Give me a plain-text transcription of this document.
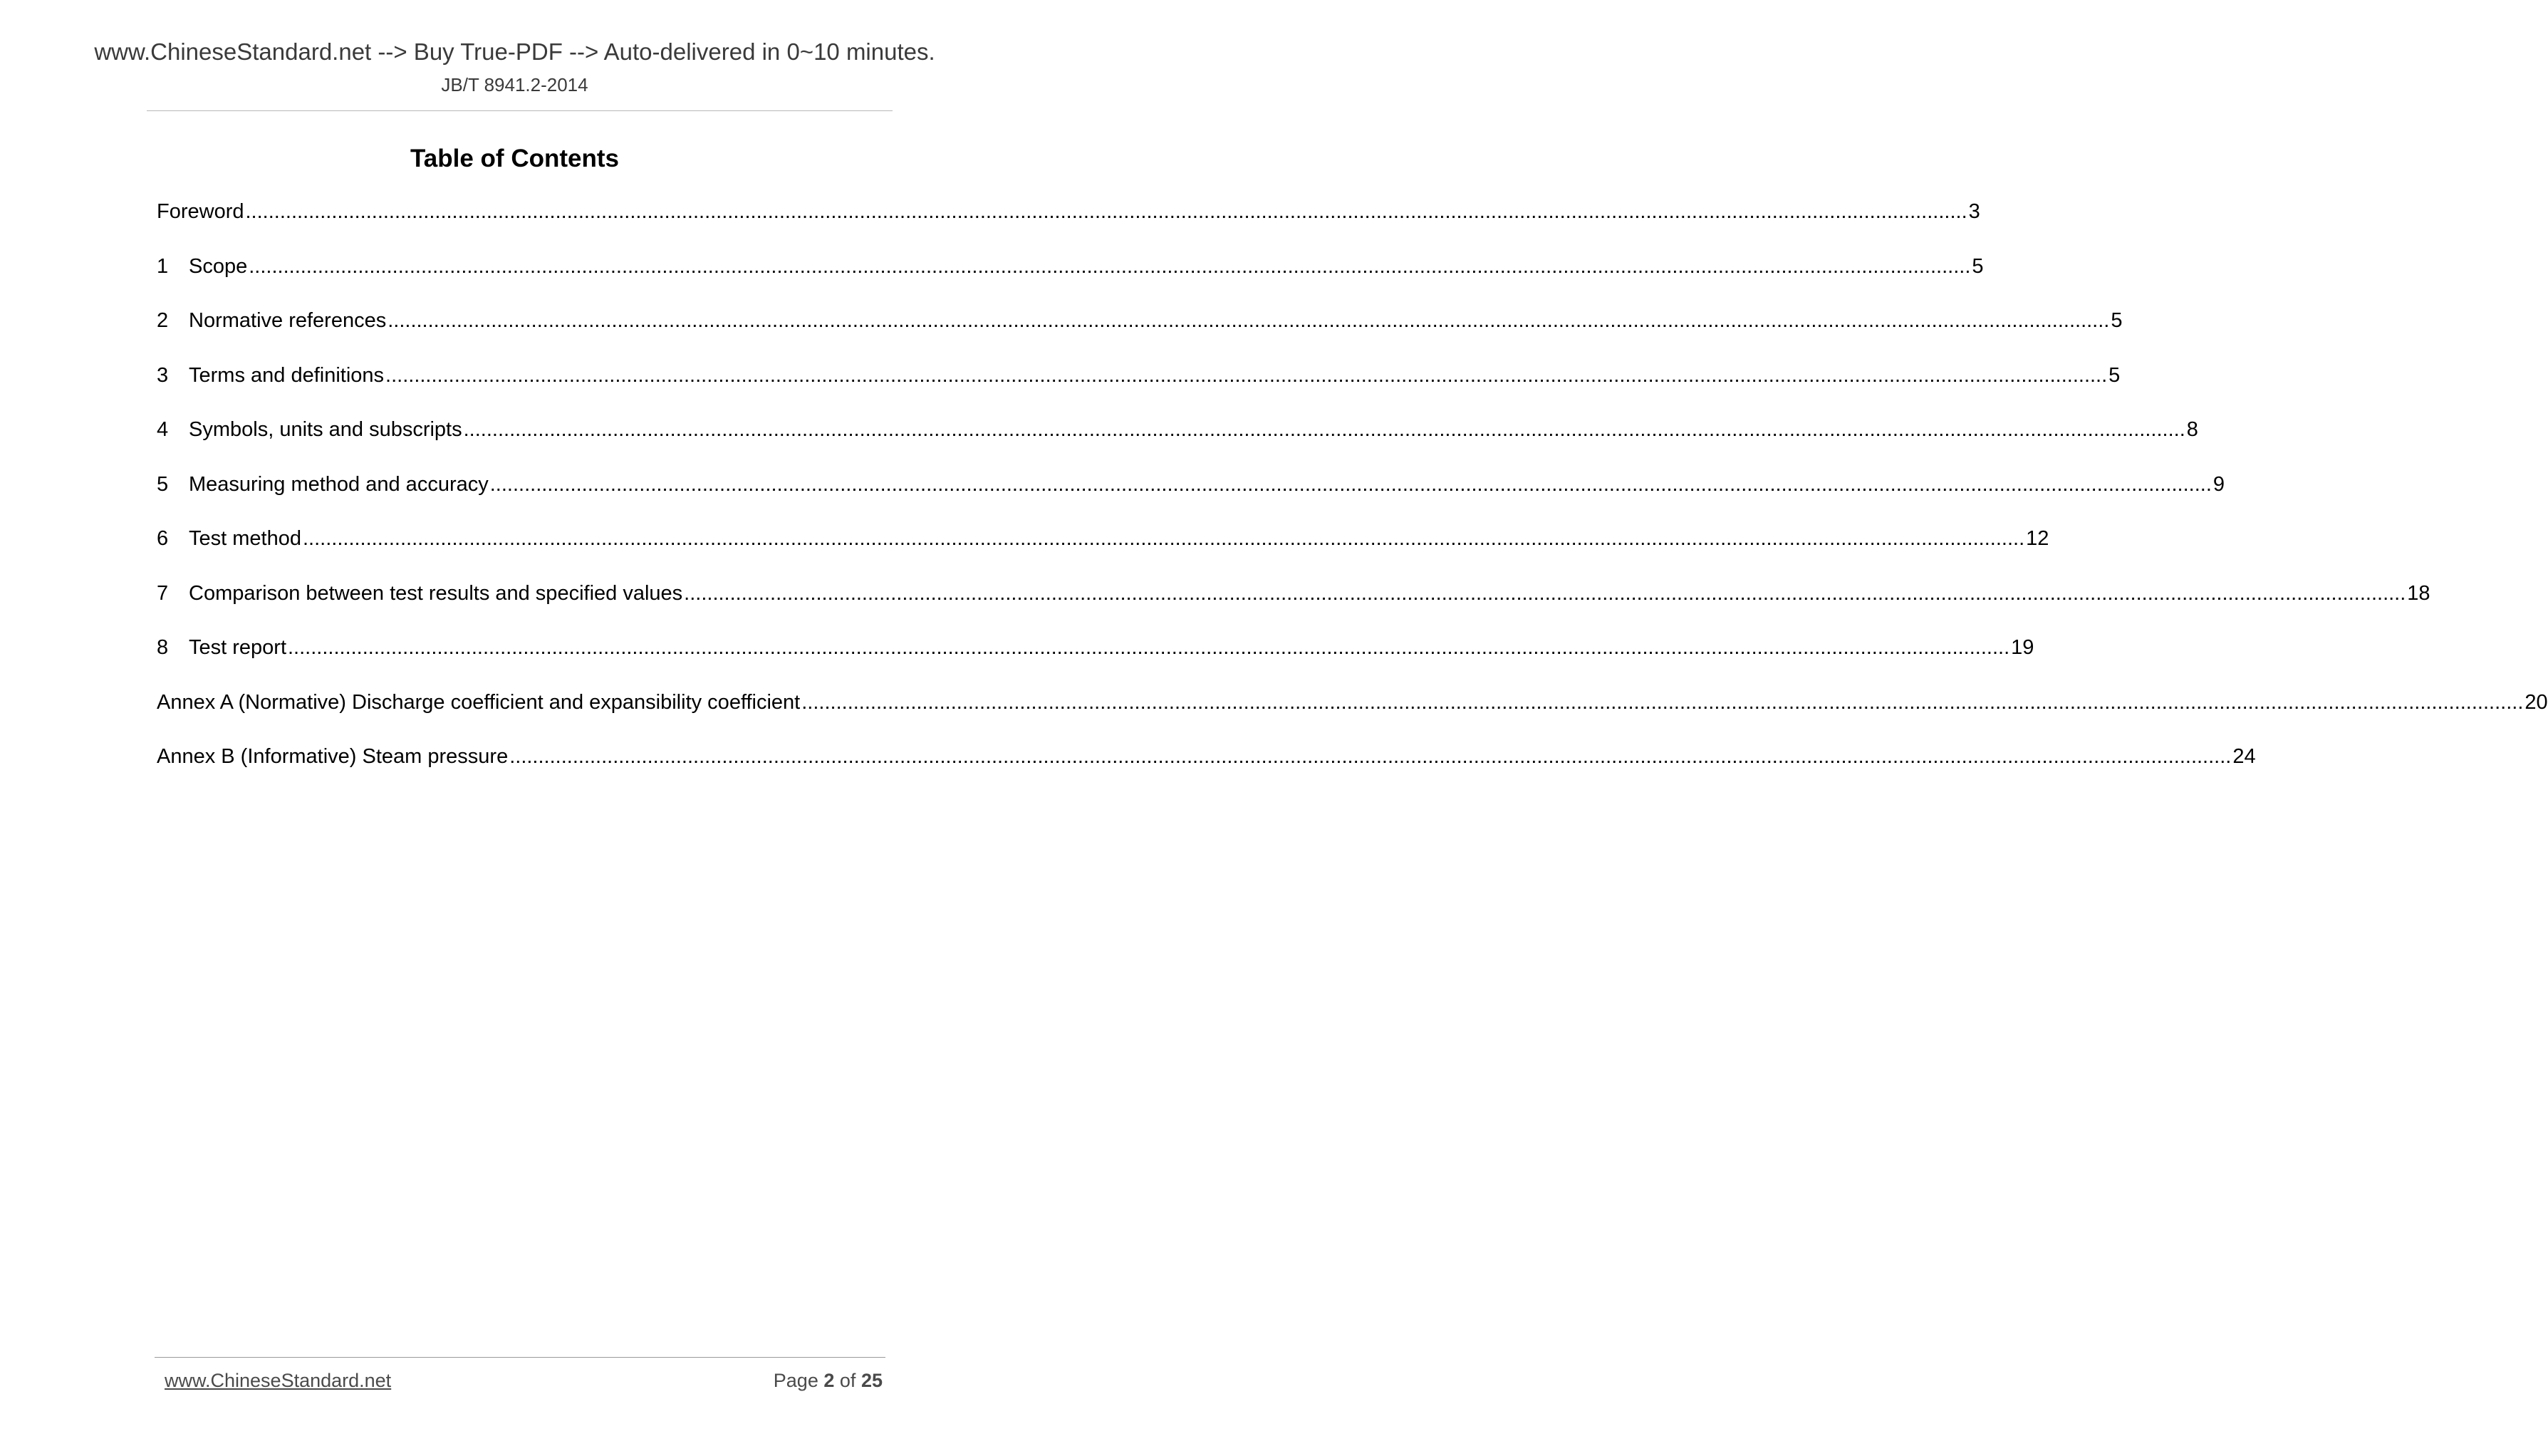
www.ChineseStandard.net --> Buy True-PDF --> Auto-delivered in 0~10 minutes.
JB/T 8941.2-2014
Table of Contents
Foreword ............................................................................................................................................................................................................................................................................................................ 3
1 Scope ............................................................................................................................................................................................................................................................................................................ 5
2 Normative references ............................................................................................................................................................................................................................................................................................................ 5
3 Terms and definitions ............................................................................................................................................................................................................................................................................................................ 5
4 Symbols, units and subscripts ............................................................................................................................................................................................................................................................................................................ 8
5 Measuring method and accuracy ............................................................................................................................................................................................................................................................................................................ 9
6 Test method ............................................................................................................................................................................................................................................................................................................ 12
7 Comparison between test results and specified values ............................................................................................................................................................................................................................................................................................................ 18
8 Test report ............................................................................................................................................................................................................................................................................................................ 19
Annex A (Normative) Discharge coefficient and expansibility coefficient ............................................................................................................................................................................................................................................................................................................ 20
Annex B (Informative) Steam pressure ............................................................................................................................................................................................................................................................................................................ 24
www.ChineseStandard.net	Page 2 of 25
